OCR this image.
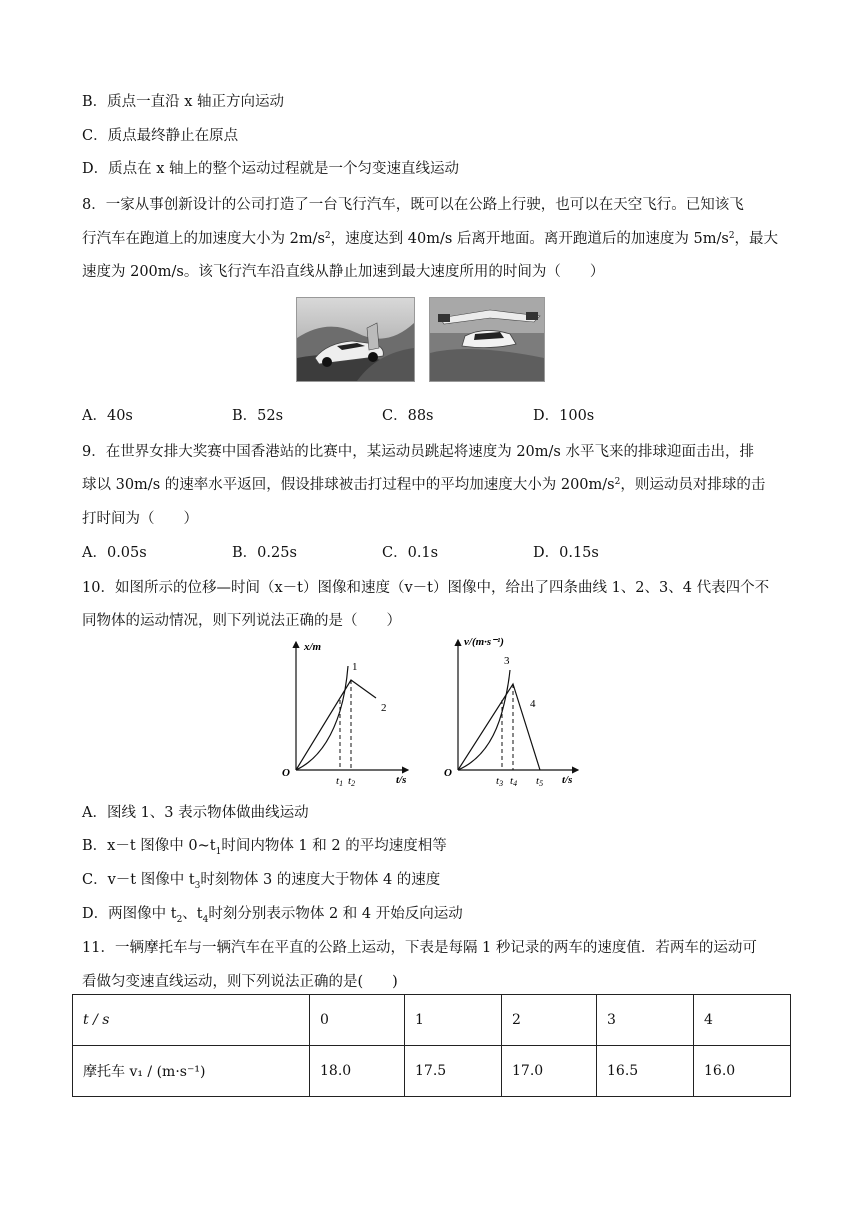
B．质点一直沿 x 轴正方向运动
C．质点最终静止在原点
D．质点在 x 轴上的整个运动过程就是一个匀变速直线运动
8．一家从事创新设计的公司打造了一台飞行汽车，既可以在公路上行驶，也可以在天空飞行。已知该飞
行汽车在跑道上的加速度大小为 $2m/s^2$，速度达到 40m/s 后离开地面。离开跑道后的加速度为 $5m/s^2$，最大
速度为 200m/s。该飞行汽车沿直线从静止加速到最大速度所用的时间为（　　）
A．40s	B．52s	C．88s	D．100s
9．在世界女排大奖赛中国香港站的比赛中，某运动员跳起将速度为 20m/s 水平飞来的排球迎面击出，排
球以 30m/s 的速率水平返回，假设排球被击打过程中的平均加速度大小为 $200m/s^2$，则运动员对排球的击
打时间为（　　）
A．0.05s	B．0.25s	C．0.1s	D．0.15s
10．如图所示的位移—时间（x－t）图像和速度（v－t）图像中，给出了四条曲线 1、2、3、4 代表四个不
同物体的运动情况，则下列说法正确的是（　　）
x/m
t/s
O
1
2
t1 t2
v/(m·s⁻¹)
t/s
O
3
4
t3 t4 t5
A．图线 1、3 表示物体做曲线运动
B．x－t 图像中 $0\sim t_1$时间内物体 1 和 2 的平均速度相等
C．v－t 图像中 $t_3$时刻物体 3 的速度大于物体 4 的速度
D．两图像中 $t_2$、$t_4$时刻分别表示物体 2 和 4 开始反向运动
11．一辆摩托车与一辆汽车在平直的公路上运动，下表是每隔 1 秒记录的两车的速度值．若两车的运动可
看做匀变速直线运动，则下列说法正确的是(　　)
t / s	0	1	2	3	4
摩托车 v₁ / (m·s⁻¹)	18.0	17.5	17.0	16.5	16.0
